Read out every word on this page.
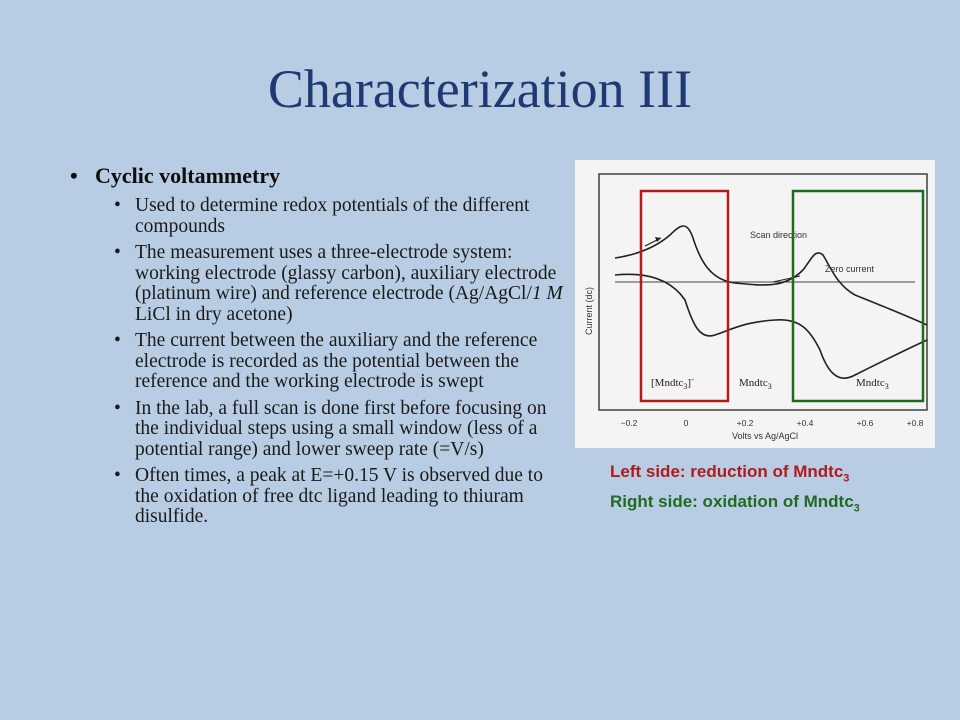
Characterization III
• Cyclic voltammetry
• Used to determine redox potentials of the different compounds
• The measurement uses a three-electrode system: working electrode (glassy carbon), auxiliary electrode (platinum wire) and reference electrode (Ag/AgCl/1 M LiCl in dry acetone)
• The current between the auxiliary and the reference electrode is recorded as the potential between the reference and the working electrode is swept
• In the lab, a full scan is done first before focusing on the individual steps using a small window (less of a potential range) and lower sweep rate (=V/s)
• Often times, a peak at E=+0.15 V is observed due to the oxidation of free dtc ligand leading to thiuram disulfide.
Scan direction
Zero current
Current (dc)
−0.2	0	+0.2	+0.4	+0.6	+0.8
Volts vs Ag/AgCl
[Mndtc$_3$]-	Mndtc$_3$	Mndtc$_3$
Left side: reduction of Mndtc$_3$
Right side: oxidation of Mndtc$_3$
